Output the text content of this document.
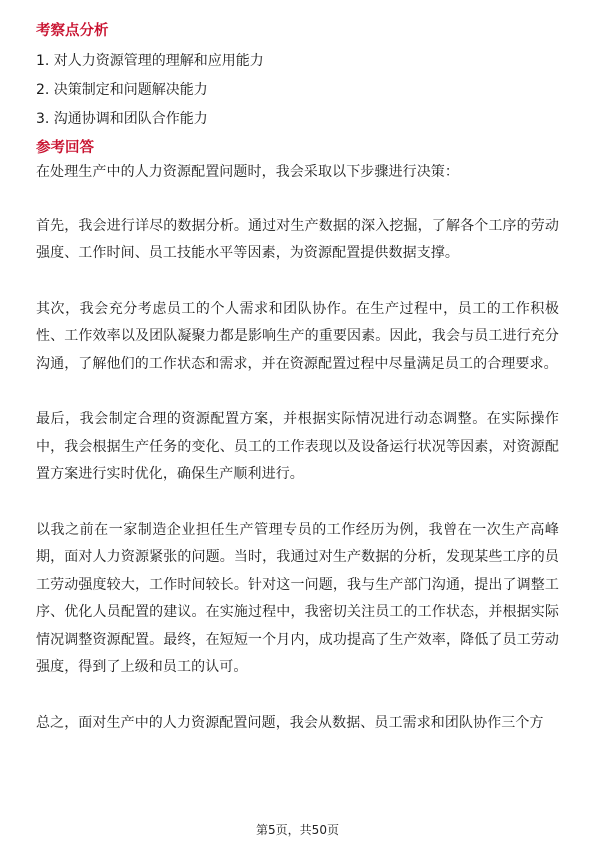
考察点分析

1. 对人力资源管理的理解和应用能力

2. 决策制定和问题解决能力

3. 沟通协调和团队合作能力

参考回答

在处理生产中的人力资源配置问题时，我会采取以下步骤进行决策：

首先，我会进行详尽的数据分析。通过对生产数据的深入挖掘，了解各个工序的劳动强度、工作时间、员工技能水平等因素，为资源配置提供数据支撑。

其次，我会充分考虑员工的个人需求和团队协作。在生产过程中，员工的工作积极性、工作效率以及团队凝聚力都是影响生产的重要因素。因此，我会与员工进行充分沟通，了解他们的工作状态和需求，并在资源配置过程中尽量满足员工的合理要求。

最后，我会制定合理的资源配置方案，并根据实际情况进行动态调整。在实际操作中，我会根据生产任务的变化、员工的工作表现以及设备运行状况等因素，对资源配置方案进行实时优化，确保生产顺利进行。

以我之前在一家制造企业担任生产管理专员的工作经历为例，我曾在一次生产高峰期，面对人力资源紧张的问题。当时，我通过对生产数据的分析，发现某些工序的员工劳动强度较大，工作时间较长。针对这一问题，我与生产部门沟通，提出了调整工序、优化人员配置的建议。在实施过程中，我密切关注员工的工作状态，并根据实际情况调整资源配置。最终，在短短一个月内，成功提高了生产效率，降低了员工劳动强度，得到了上级和员工的认可。

总之，面对生产中的人力资源配置问题，我会从数据、员工需求和团队协作三个方

第5页，共50页
